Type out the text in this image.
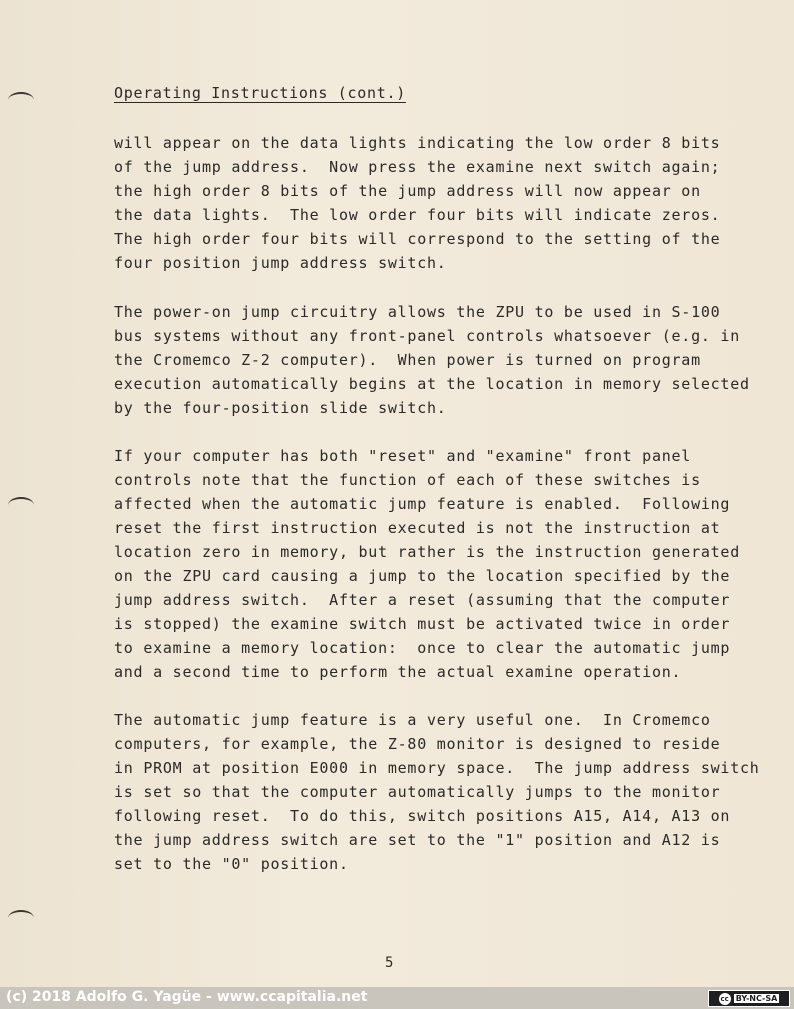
Operating Instructions (cont.)
will appear on the data lights indicating the low order 8 bits
of the jump address.  Now press the examine next switch again;
the high order 8 bits of the jump address will now appear on
the data lights.  The low order four bits will indicate zeros.
The high order four bits will correspond to the setting of the
four position jump address switch.
The power-on jump circuitry allows the ZPU to be used in S-100
bus systems without any front-panel controls whatsoever (e.g. in
the Cromemco Z-2 computer).  When power is turned on program
execution automatically begins at the location in memory selected
by the four-position slide switch.
If your computer has both "reset" and "examine" front panel
controls note that the function of each of these switches is
affected when the automatic jump feature is enabled.  Following
reset the first instruction executed is not the instruction at
location zero in memory, but rather is the instruction generated
on the ZPU card causing a jump to the location specified by the
jump address switch.  After a reset (assuming that the computer
is stopped) the examine switch must be activated twice in order
to examine a memory location:  once to clear the automatic jump
and a second time to perform the actual examine operation.
The automatic jump feature is a very useful one.  In Cromemco
computers, for example, the Z-80 monitor is designed to reside
in PROM at position E000 in memory space.  The jump address switch
is set so that the computer automatically jumps to the monitor
following reset.  To do this, switch positions A15, A14, A13 on
the jump address switch are set to the "1" position and A12 is
set to the "0" position.
5
(c) 2018 Adolfo G. Yagüe - www.ccapitalia.net	cc BY-NC-SA
